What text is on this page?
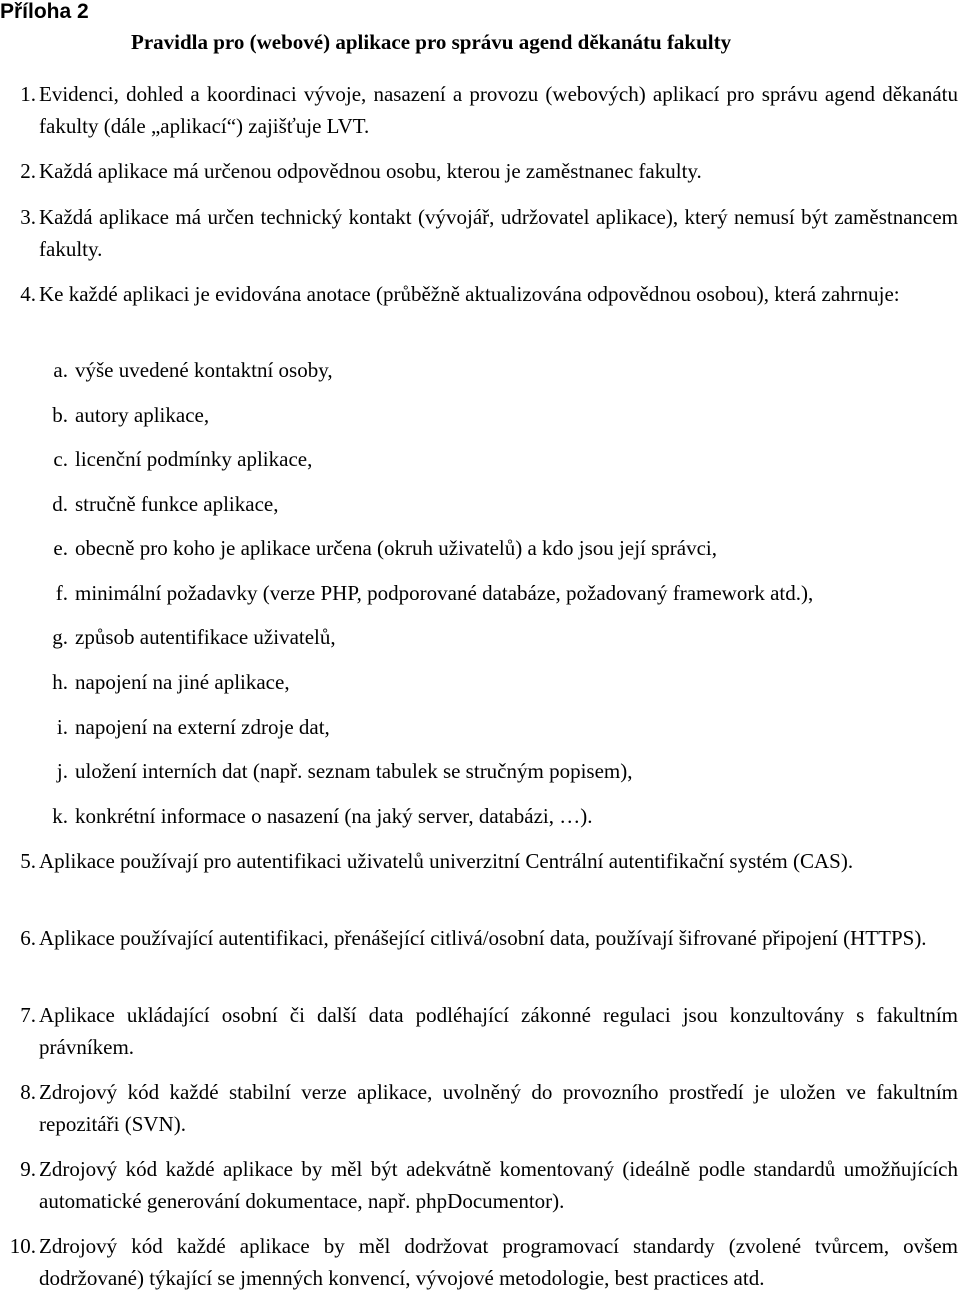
Příloha 2
Pravidla pro (webové) aplikace pro správu agend děkanátu fakulty
1. Evidenci, dohled a koordinaci vývoje, nasazení a provozu (webových) aplikací pro správu agend děkanátu fakulty (dále „aplikací“) zajišťuje LVT.
2. Každá aplikace má určenou odpovědnou osobu, kterou je zaměstnanec fakulty.
3. Každá aplikace má určen technický kontakt (vývojář, udržovatel aplikace), který nemusí být zaměstnancem fakulty.
4. Ke každé aplikaci je evidována anotace (průběžně aktualizována odpovědnou osobou), která zahrnuje:
a. výše uvedené kontaktní osoby,
b. autory aplikace,
c. licenční podmínky aplikace,
d. stručně funkce aplikace,
e. obecně pro koho je aplikace určena (okruh uživatelů) a kdo jsou její správci,
f. minimální požadavky (verze PHP, podporované databáze, požadovaný framework atd.),
g. způsob autentifikace uživatelů,
h. napojení na jiné aplikace,
i. napojení na externí zdroje dat,
j. uložení interních dat (např. seznam tabulek se stručným popisem),
k. konkrétní informace o nasazení (na jaký server, databázi, …).
5. Aplikace používají pro autentifikaci uživatelů univerzitní Centrální autentifikační systém (CAS).
6. Aplikace používající autentifikaci, přenášející citlivá/osobní data, používají šifrované připojení (HTTPS).
7. Aplikace ukládající osobní či další data podléhající zákonné regulaci jsou konzultovány s fakultním právníkem.
8. Zdrojový kód každé stabilní verze aplikace, uvolněný do provozního prostředí je uložen ve fakultním repozitáři (SVN).
9. Zdrojový kód každé aplikace by měl být adekvátně komentovaný (ideálně podle standardů umožňujících automatické generování dokumentace, např. phpDocumentor).
10. Zdrojový kód každé aplikace by měl dodržovat programovací standardy (zvolené tvůrcem, ovšem dodržované) týkající se jmenných konvencí, vývojové metodologie, best practices atd.
